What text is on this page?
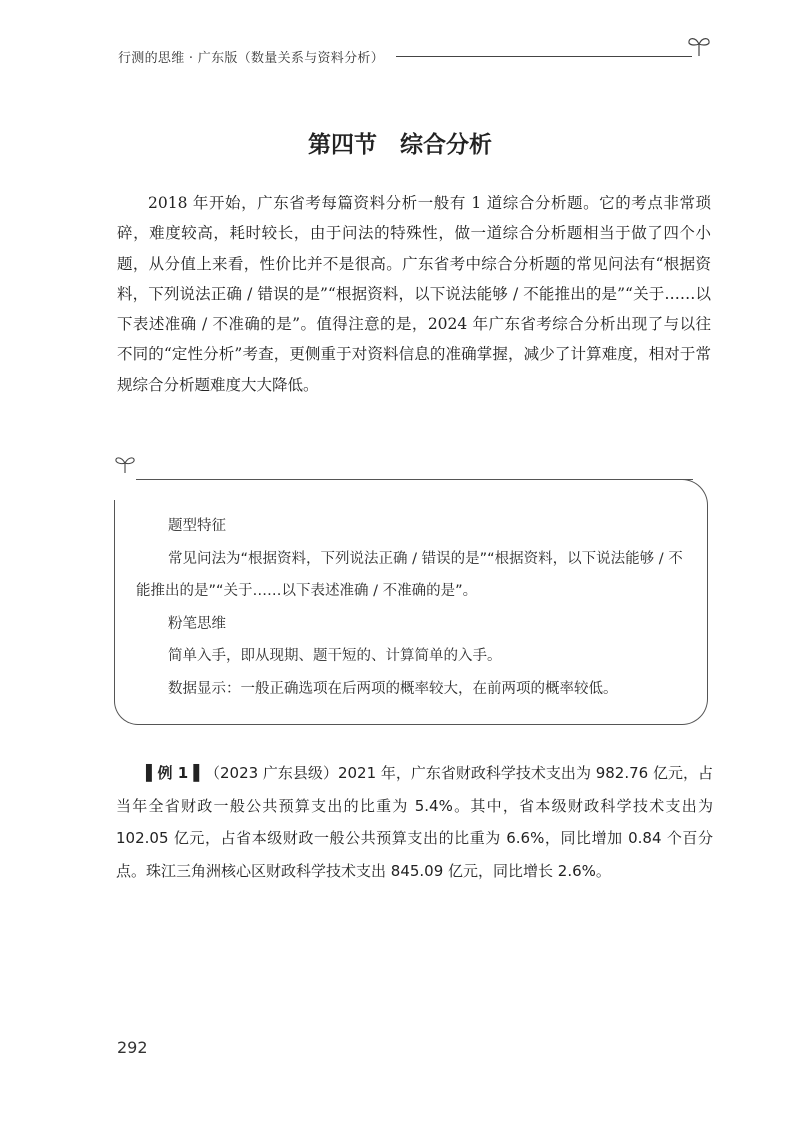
行测的思维 · 广东版（数量关系与资料分析）
第四节　综合分析

2018 年开始，广东省考每篇资料分析一般有 1 道综合分析题。它的考点非常琐碎，难度较高，耗时较长，由于问法的特殊性，做一道综合分析题相当于做了四个小题，从分值上来看，性价比并不是很高。广东省考中综合分析题的常见问法有“根据资料，下列说法正确 / 错误的是”“根据资料，以下说法能够 / 不能推出的是”“关于……以下表述准确 / 不准确的是”。值得注意的是，2024 年广东省考综合分析出现了与以往不同的“定性分析”考查，更侧重于对资料信息的准确掌握，减少了计算难度，相对于常规综合分析题难度大大降低。

题型特征

常见问法为“根据资料，下列说法正确 / 错误的是”“根据资料，以下说法能够 / 不能推出的是”“关于……以下表述准确 / 不准确的是”。

粉笔思维

简单入手，即从现期、题干短的、计算简单的入手。

数据显示：一般正确选项在后两项的概率较大，在前两项的概率较低。

▌例 1 ▌（2023 广东县级）2021 年，广东省财政科学技术支出为 982.76 亿元，占当年全省财政一般公共预算支出的比重为 5.4%。其中，省本级财政科学技术支出为 102.05 亿元，占省本级财政一般公共预算支出的比重为 6.6%，同比增加 0.84 个百分点。珠江三角洲核心区财政科学技术支出 845.09 亿元，同比增长 2.6%。

292
